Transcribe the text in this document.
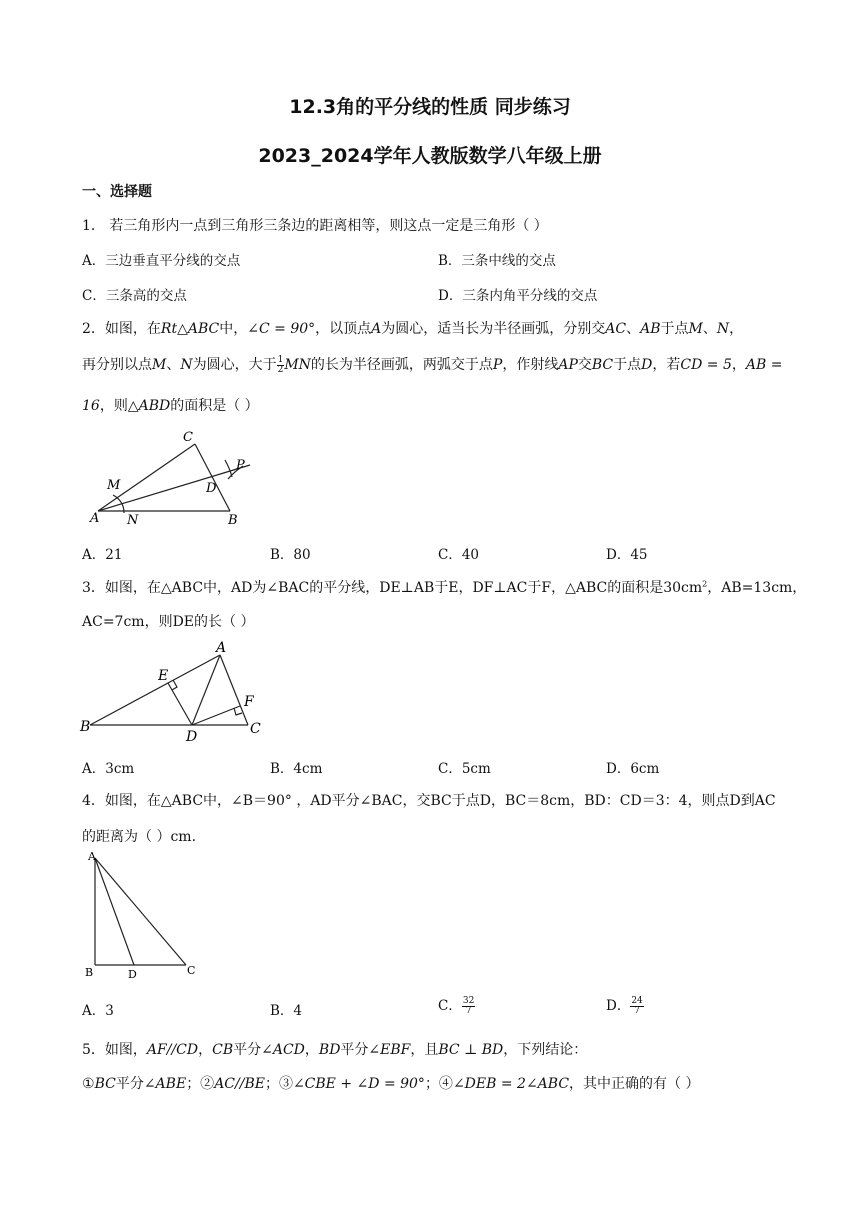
12.3角的平分线的性质 同步练习
2023_2024学年人教版数学八年级上册
一、选择题
1． 若三角形内一点到三角形三条边的距离相等，则这点一定是三角形（ ）
A．三边垂直平分线的交点	B．三条中线的交点
C．三条高的交点	D．三条内角平分线的交点
2．如图，在Rt△ABC中，∠C = 90°，以顶点A为圆心，适当长为半径画弧，分别交AC、AB于点M、N，
再分别以点M、N为圆心，大于 $\frac{1}{2}$ MN的长为半径画弧，两弧交于点P，作射线AP交BC于点D，若CD = 5，AB =
16，则△ABD的面积是（ ）
C
P
M	D
A N	B
A．21	B．80	C．40	D．45
3．如图，在△ABC中，AD为∠BAC的平分线，DE⊥AB于E，DF⊥AC于F，△ABC的面积是$30cm^2$，AB=13cm，
AC=7cm，则DE的长（ ）
A
E
F
B
D	C
A．3cm	B．4cm	C．5cm	D．6cm
4．如图，在△ABC中，∠B＝90° ，AD平分∠BAC，交BC于点D，BC＝8cm，BD：CD＝3：4，则点D到AC
的距离为（ ）cm.
A
B	D	C
A．3	B．4	C． $\frac{32}{7}$	D． $\frac{24}{7}$
5．如图，AF//CD，CB平分∠ACD，BD平分∠EBF，且BC ⊥ BD，下列结论：
①BC平分∠ABE；②AC//BE；③∠CBE + ∠D = 90°；④∠DEB = 2∠ABC，其中正确的有（ ）
